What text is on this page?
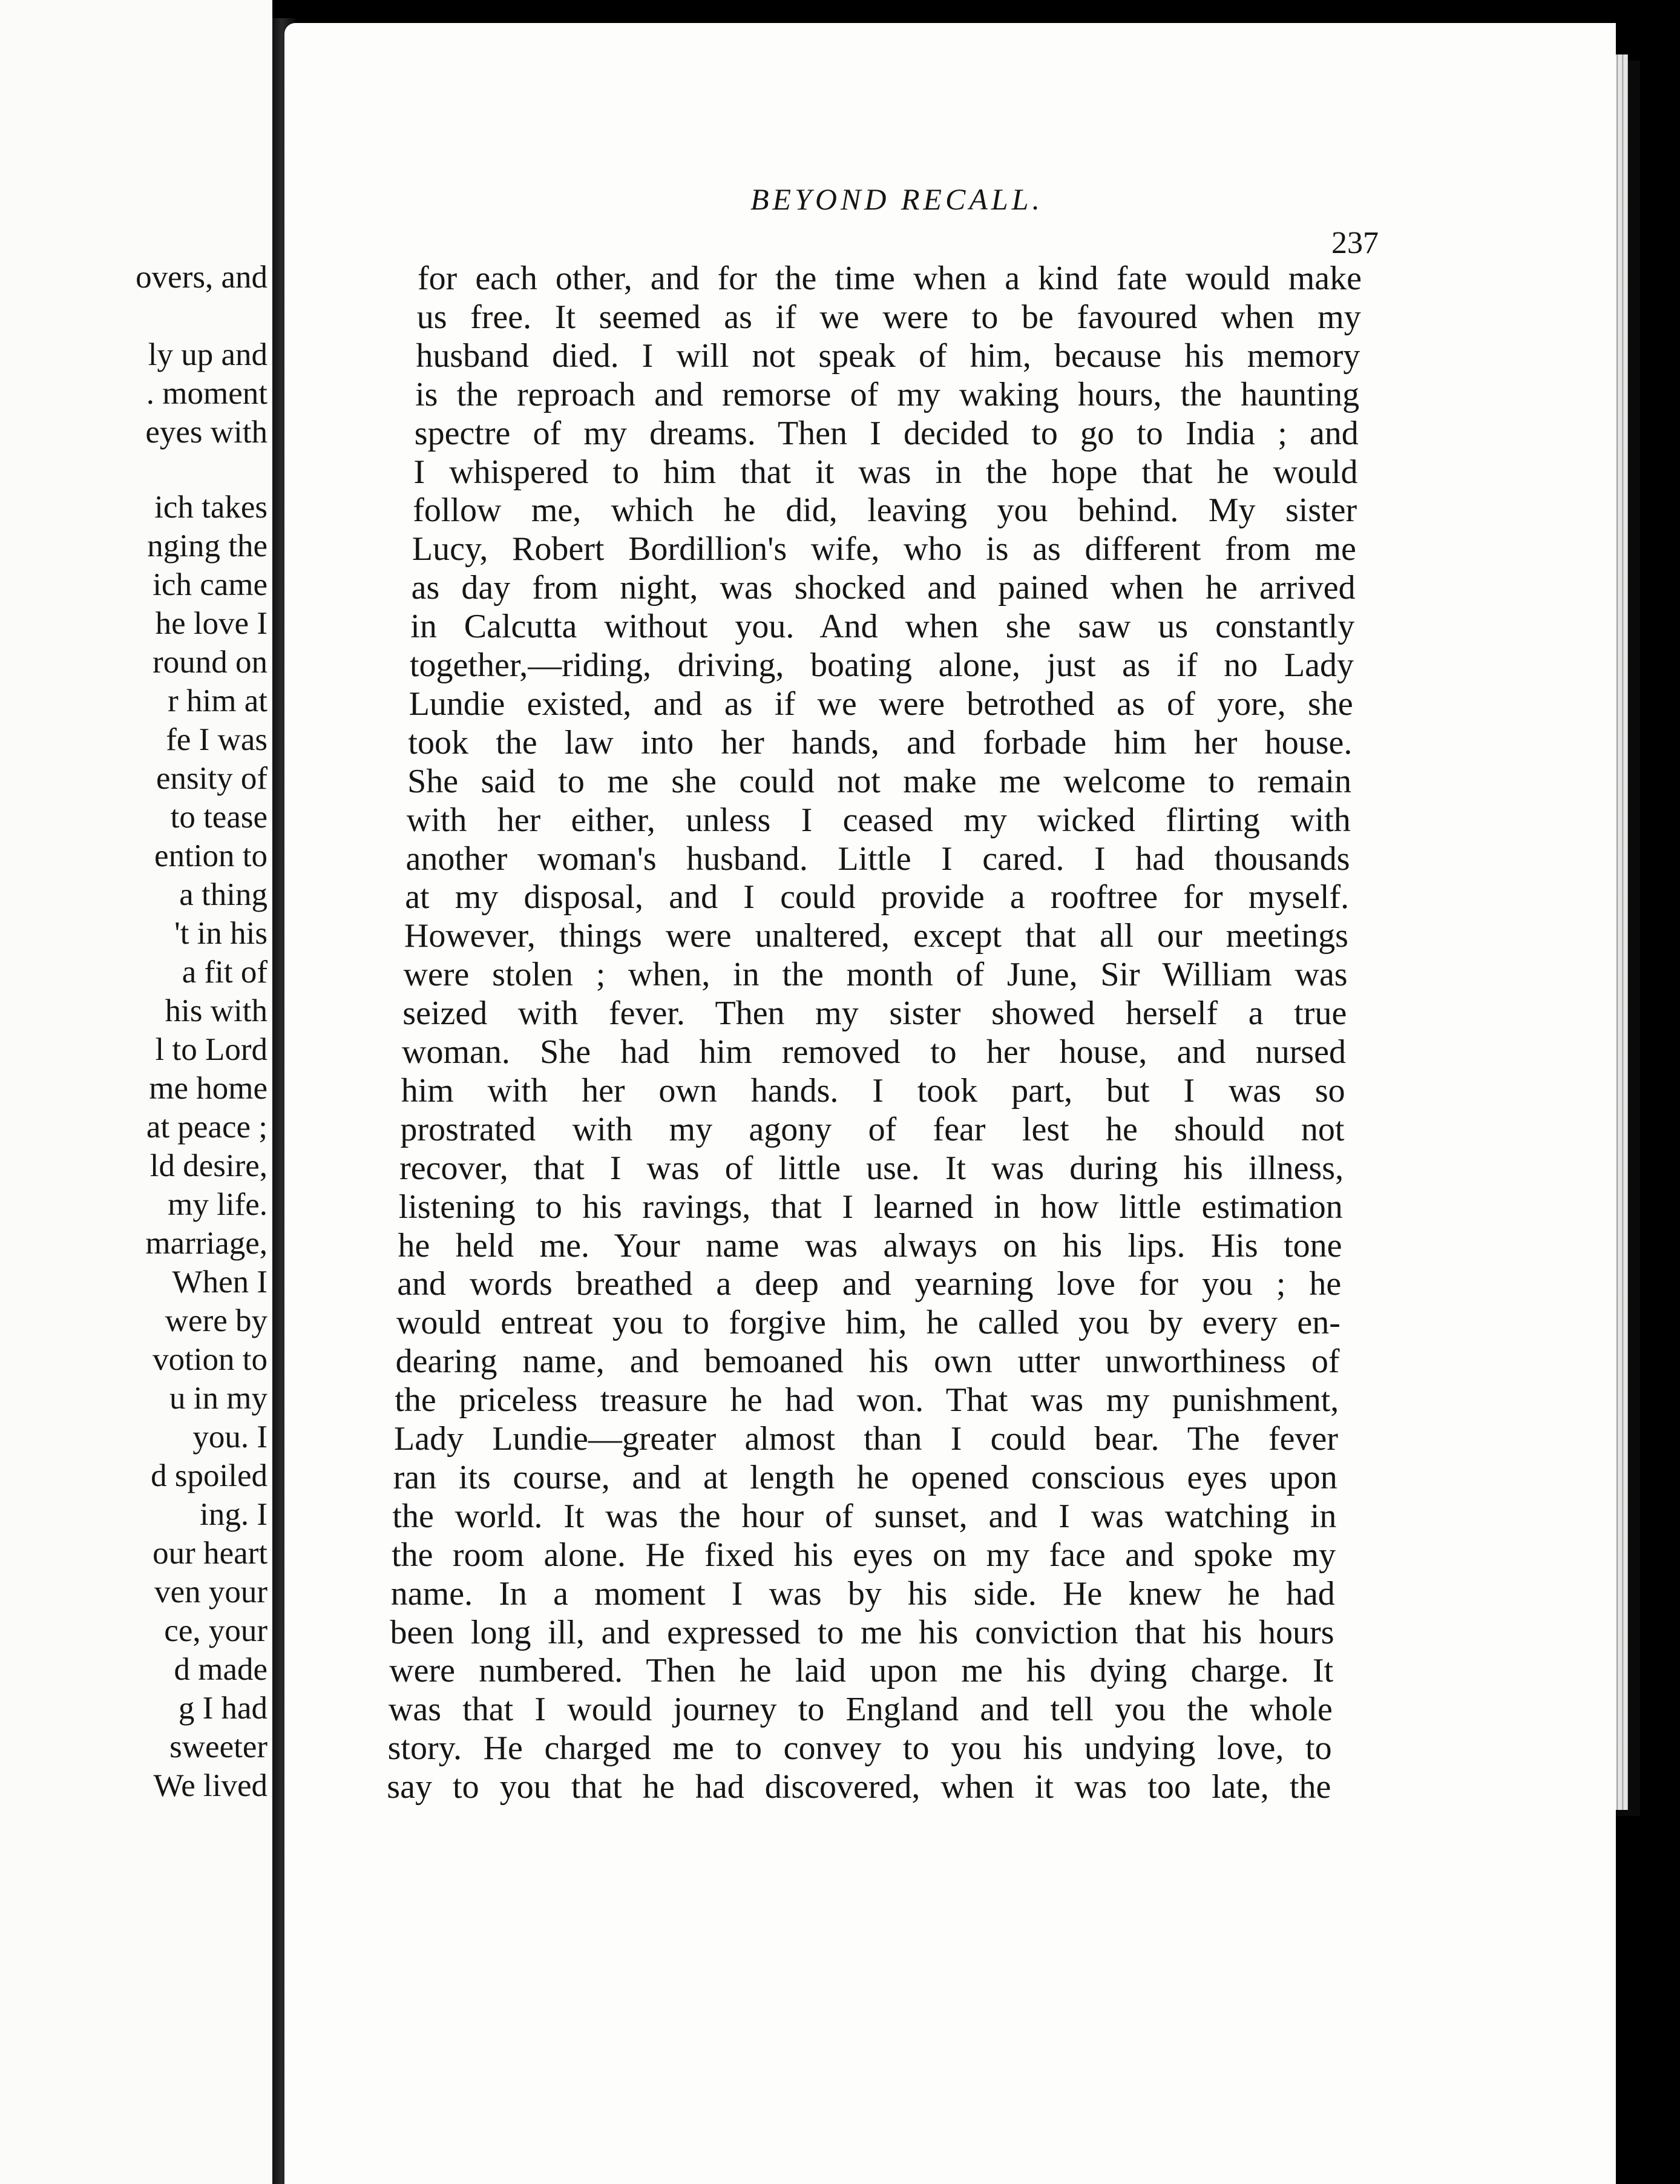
overs, and
ly up and
. moment
eyes with
ich takes
nging the
ich came
he love I
round on
r him at
fe I was
ensity of
to tease
ention to
a thing
't in his
a fit of
his with
l to Lord
me home
at peace ;
ld desire,
my life.
marriage,
When I
were by
votion to
u in my
you. I
d spoiled
ing. I
our heart
ven your
ce, your
d made
g I had
sweeter
We lived
BEYOND RECALL.
237
for each other, and for the time when a kind fate would make
us free. It seemed as if we were to be favoured when my
husband died. I will not speak of him, because his memory
is the reproach and remorse of my waking hours, the haunting
spectre of my dreams. Then I decided to go to India ; and
I whispered to him that it was in the hope that he would
follow me, which he did, leaving you behind. My sister
Lucy, Robert Bordillion's wife, who is as different from me
as day from night, was shocked and pained when he arrived
in Calcutta without you. And when she saw us constantly
together,—riding, driving, boating alone, just as if no Lady
Lundie existed, and as if we were betrothed as of yore, she
took the law into her hands, and forbade him her house.
She said to me she could not make me welcome to remain
with her either, unless I ceased my wicked flirting with
another woman's husband. Little I cared. I had thousands
at my disposal, and I could provide a rooftree for myself.
However, things were unaltered, except that all our meetings
were stolen ; when, in the month of June, Sir William was
seized with fever. Then my sister showed herself a true
woman. She had him removed to her house, and nursed
him with her own hands. I took part, but I was so
prostrated with my agony of fear lest he should not
recover, that I was of little use. It was during his illness,
listening to his ravings, that I learned in how little estimation
he held me. Your name was always on his lips. His tone
and words breathed a deep and yearning love for you ; he
would entreat you to forgive him, he called you by every en-
dearing name, and bemoaned his own utter unworthiness of
the priceless treasure he had won. That was my punishment,
Lady Lundie—greater almost than I could bear. The fever
ran its course, and at length he opened conscious eyes upon
the world. It was the hour of sunset, and I was watching in
the room alone. He fixed his eyes on my face and spoke my
name. In a moment I was by his side. He knew he had
been long ill, and expressed to me his conviction that his hours
were numbered. Then he laid upon me his dying charge. It
was that I would journey to England and tell you the whole
story. He charged me to convey to you his undying love, to
say to you that he had discovered, when it was too late, the
